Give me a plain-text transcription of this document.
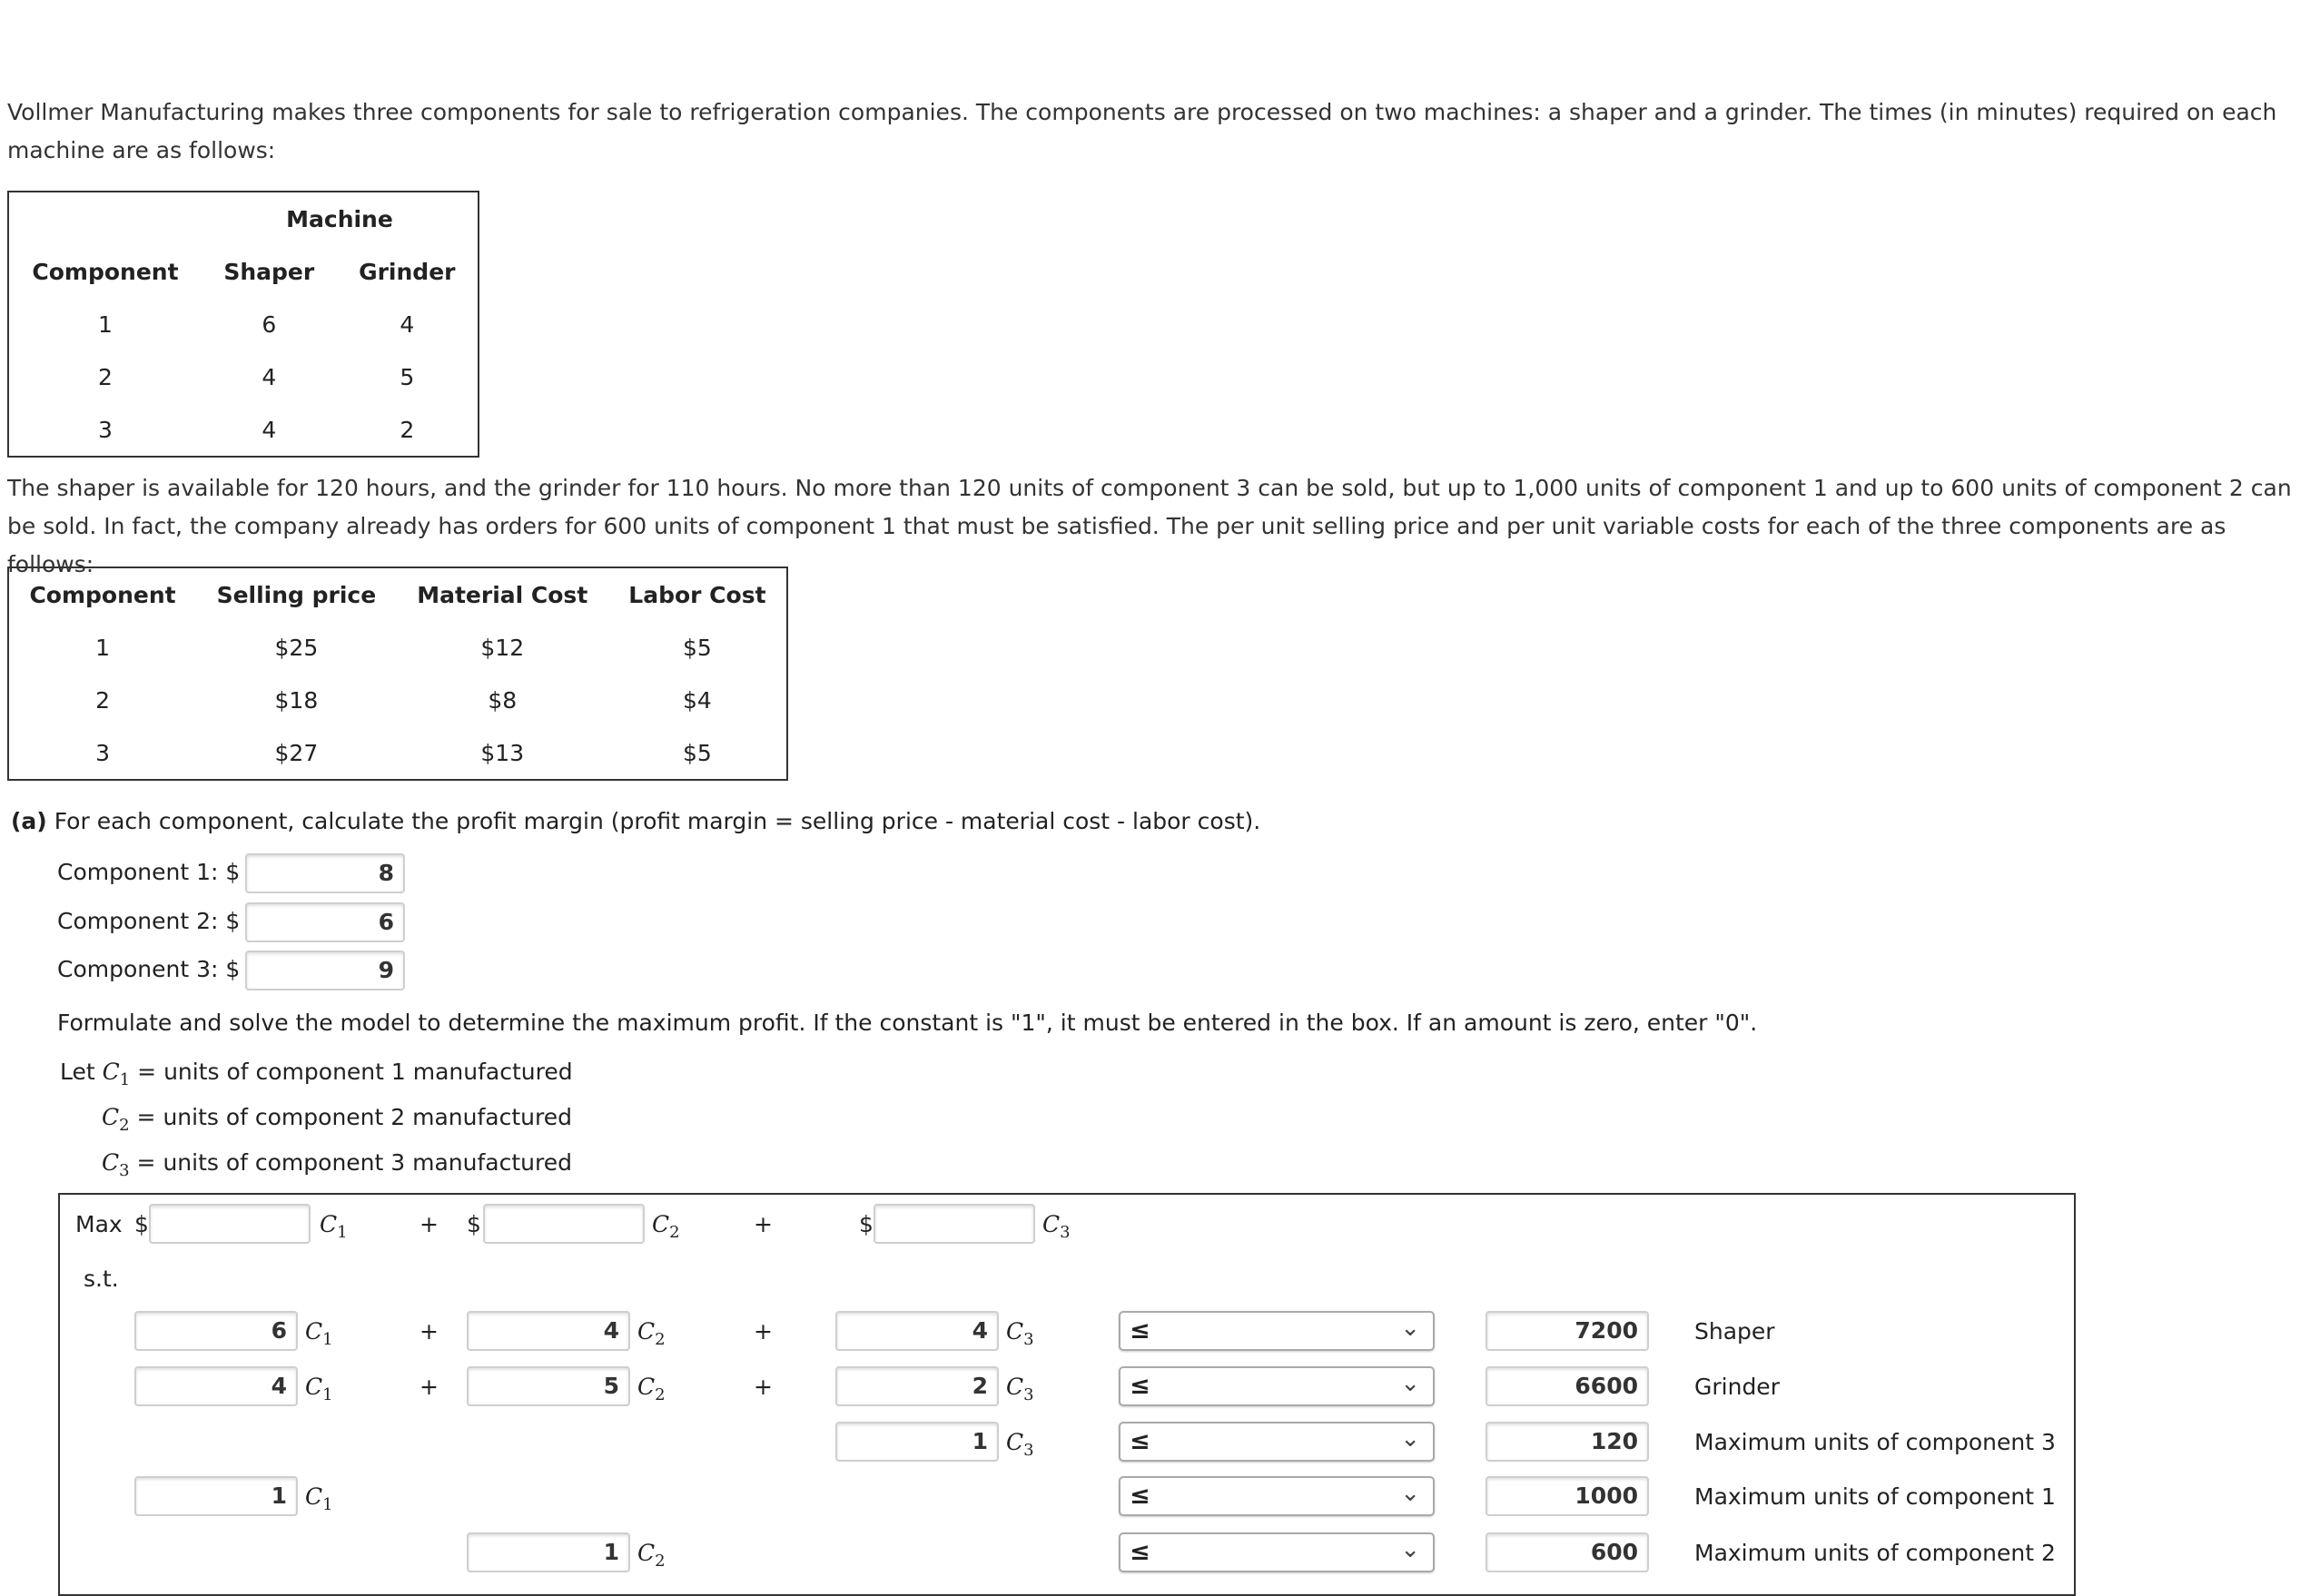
Vollmer Manufacturing makes three components for sale to refrigeration companies. The components are processed on two machines: a shaper and a grinder. The times (in minutes) required on each machine are as follows:

	Machine	
Component	Shaper	Grinder
1	6	4
2	4	5
3	4	2

The shaper is available for 120 hours, and the grinder for 110 hours. No more than 120 units of component 3 can be sold, but up to 1,000 units of component 1 and up to 600 units of component 2 can be sold. In fact, the company already has orders for 600 units of component 1 that must be satisfied. The per unit selling price and per unit variable costs for each of the three components are as follows:

Component	Selling price	Material Cost	Labor Cost
1	$25	$12	$5
2	$18	$8	$4
3	$27	$13	$5
(a) For each component, calculate the profit margin (profit margin = selling price - material cost - labor cost).
Component 1: $	8
Component 2: $	6
Component 3: $	9
Formulate and solve the model to determine the maximum profit. If the constant is "1", it must be entered in the box. If an amount is zero, enter "0".
Let $C_1$ = units of component 1 manufactured
$C_2$ = units of component 2 manufactured
$C_3$ = units of component 3 manufactured
Max $	$C_1$	+ $	$C_2$	+	$	$C_3$
s.t.
6 $C_1$	+	4 $C_2$	+	4 $C_3$	≤	⌄	7200	Shaper
4 $C_1$	+	5 $C_2$	+	2 $C_3$	≤	⌄	6600	Grinder
1 $C_3$	≤	⌄	120	Maximum units of component 3
1 $C_1$	≤	⌄	1000	Maximum units of component 1
1 $C_2$	≤	⌄	600	Maximum units of component 2
